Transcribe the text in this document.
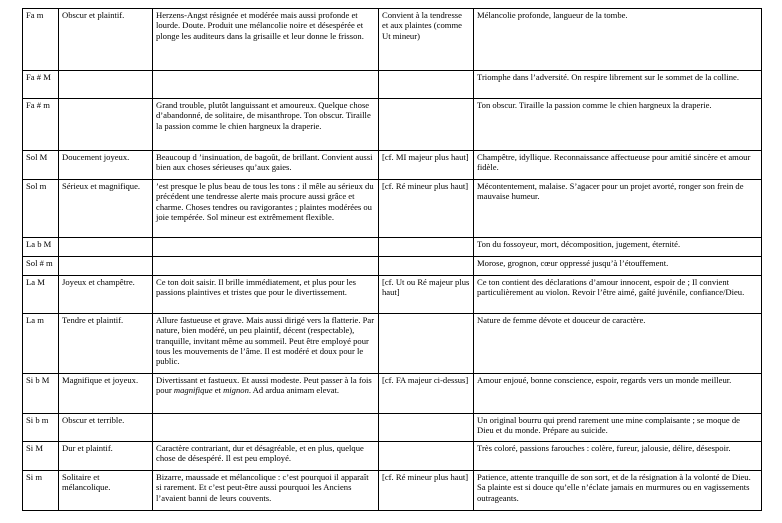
Fa m	Obscur et plaintif.	Herzens-Angst résignée et modérée mais aussi profonde et lourde. Doute. Produit une mélancolie noire et désespérée et plonge les auditeurs dans la grisaille et leur donne le frisson.	Convient à la tendresse et aux plaintes (comme Ut mineur)	Mélancolie profonde, langueur de la tombe.
Fa # M				Triomphe dans l’adversité. On respire librement sur le sommet de la colline.
Fa # m		Grand trouble, plutôt languissant et amoureux. Quelque chose d’abandonné, de solitaire, de misanthrope. Ton obscur. Tiraille la passion comme le chien hargneux la draperie.		Ton obscur. Tiraille la passion comme le chien hargneux la draperie.
Sol M	Doucement joyeux.	Beaucoup d ’insinuation, de bagoût, de brillant. Convient aussi bien aux choses sérieuses qu’aux gaies.	[cf. MI majeur plus haut]	Champêtre, idyllique. Reconnaissance affectueuse pour amitié sincère et amour fidèle.
Sol m	Sérieux et magnifique.	’est presque le plus beau de tous les tons : il mêle au sérieux du précédent une tendresse alerte mais procure aussi grâce et charme. Choses tendres ou ravigorantes ; plaintes modérées ou joie tempérée. Sol mineur est extrêmement flexible.	[cf. Ré mineur plus haut]	Mécontentement, malaise. S’agacer pour un projet avorté, ronger son frein de mauvaise humeur.
La b M				Ton du fossoyeur, mort, décomposition, jugement, éternité.
Sol # m				Morose, grognon, cœur oppressé jusqu’à l’étouffement.
La M	Joyeux et champêtre.	Ce ton doit saisir. Il brille immédiatement, et plus pour les passions plaintives et tristes que pour le divertissement.	[cf. Ut ou Ré majeur plus haut]	Ce ton contient des déclarations d’amour innocent, espoir de ; Il convient particulièrement au violon. Revoir l’être aimé, gaîté juvénile, confiance/Dieu.
La m	Tendre et plaintif.	Allure fastueuse et grave. Mais aussi dirigé vers la flatterie. Par nature, bien modéré, un peu plaintif, décent (respectable), tranquille, invitant même au sommeil. Peut être employé pour tous les mouvements de l’âme. Il est modéré et doux pour le public.		Nature de femme dévote et douceur de caractère.
Si b M	Magnifique et joyeux.	Divertissant et fastueux. Et aussi modeste. Peut passer à la fois pour magnifique et mignon. Ad ardua animam elevat.	[cf. FA majeur ci-dessus]	Amour enjoué, bonne conscience, espoir, regards vers un monde meilleur.
Si b m	Obscur et terrible.			Un original bourru qui prend rarement une mine complaisante ; se moque de Dieu et du monde. Prépare au suicide.
Si M	Dur et plaintif.	Caractère contrariant, dur et désagréable, et en plus, quelque chose de désespéré. Il est peu employé.		Très coloré, passions farouches : colère, fureur, jalousie, délire, désespoir.
Si m	Solitaire et mélancolique.	Bizarre, maussade et mélancolique : c’est pourquoi il apparaît si rarement. Et c’est peut-être aussi pourquoi les Anciens l’avaient banni de leurs couvents.	[cf. Ré mineur plus haut]	Patience, attente tranquille de son sort, et de la résignation à la volonté de Dieu. Sa plainte est si douce qu’elle n’éclate jamais en murmures ou en vagissements outrageants.
